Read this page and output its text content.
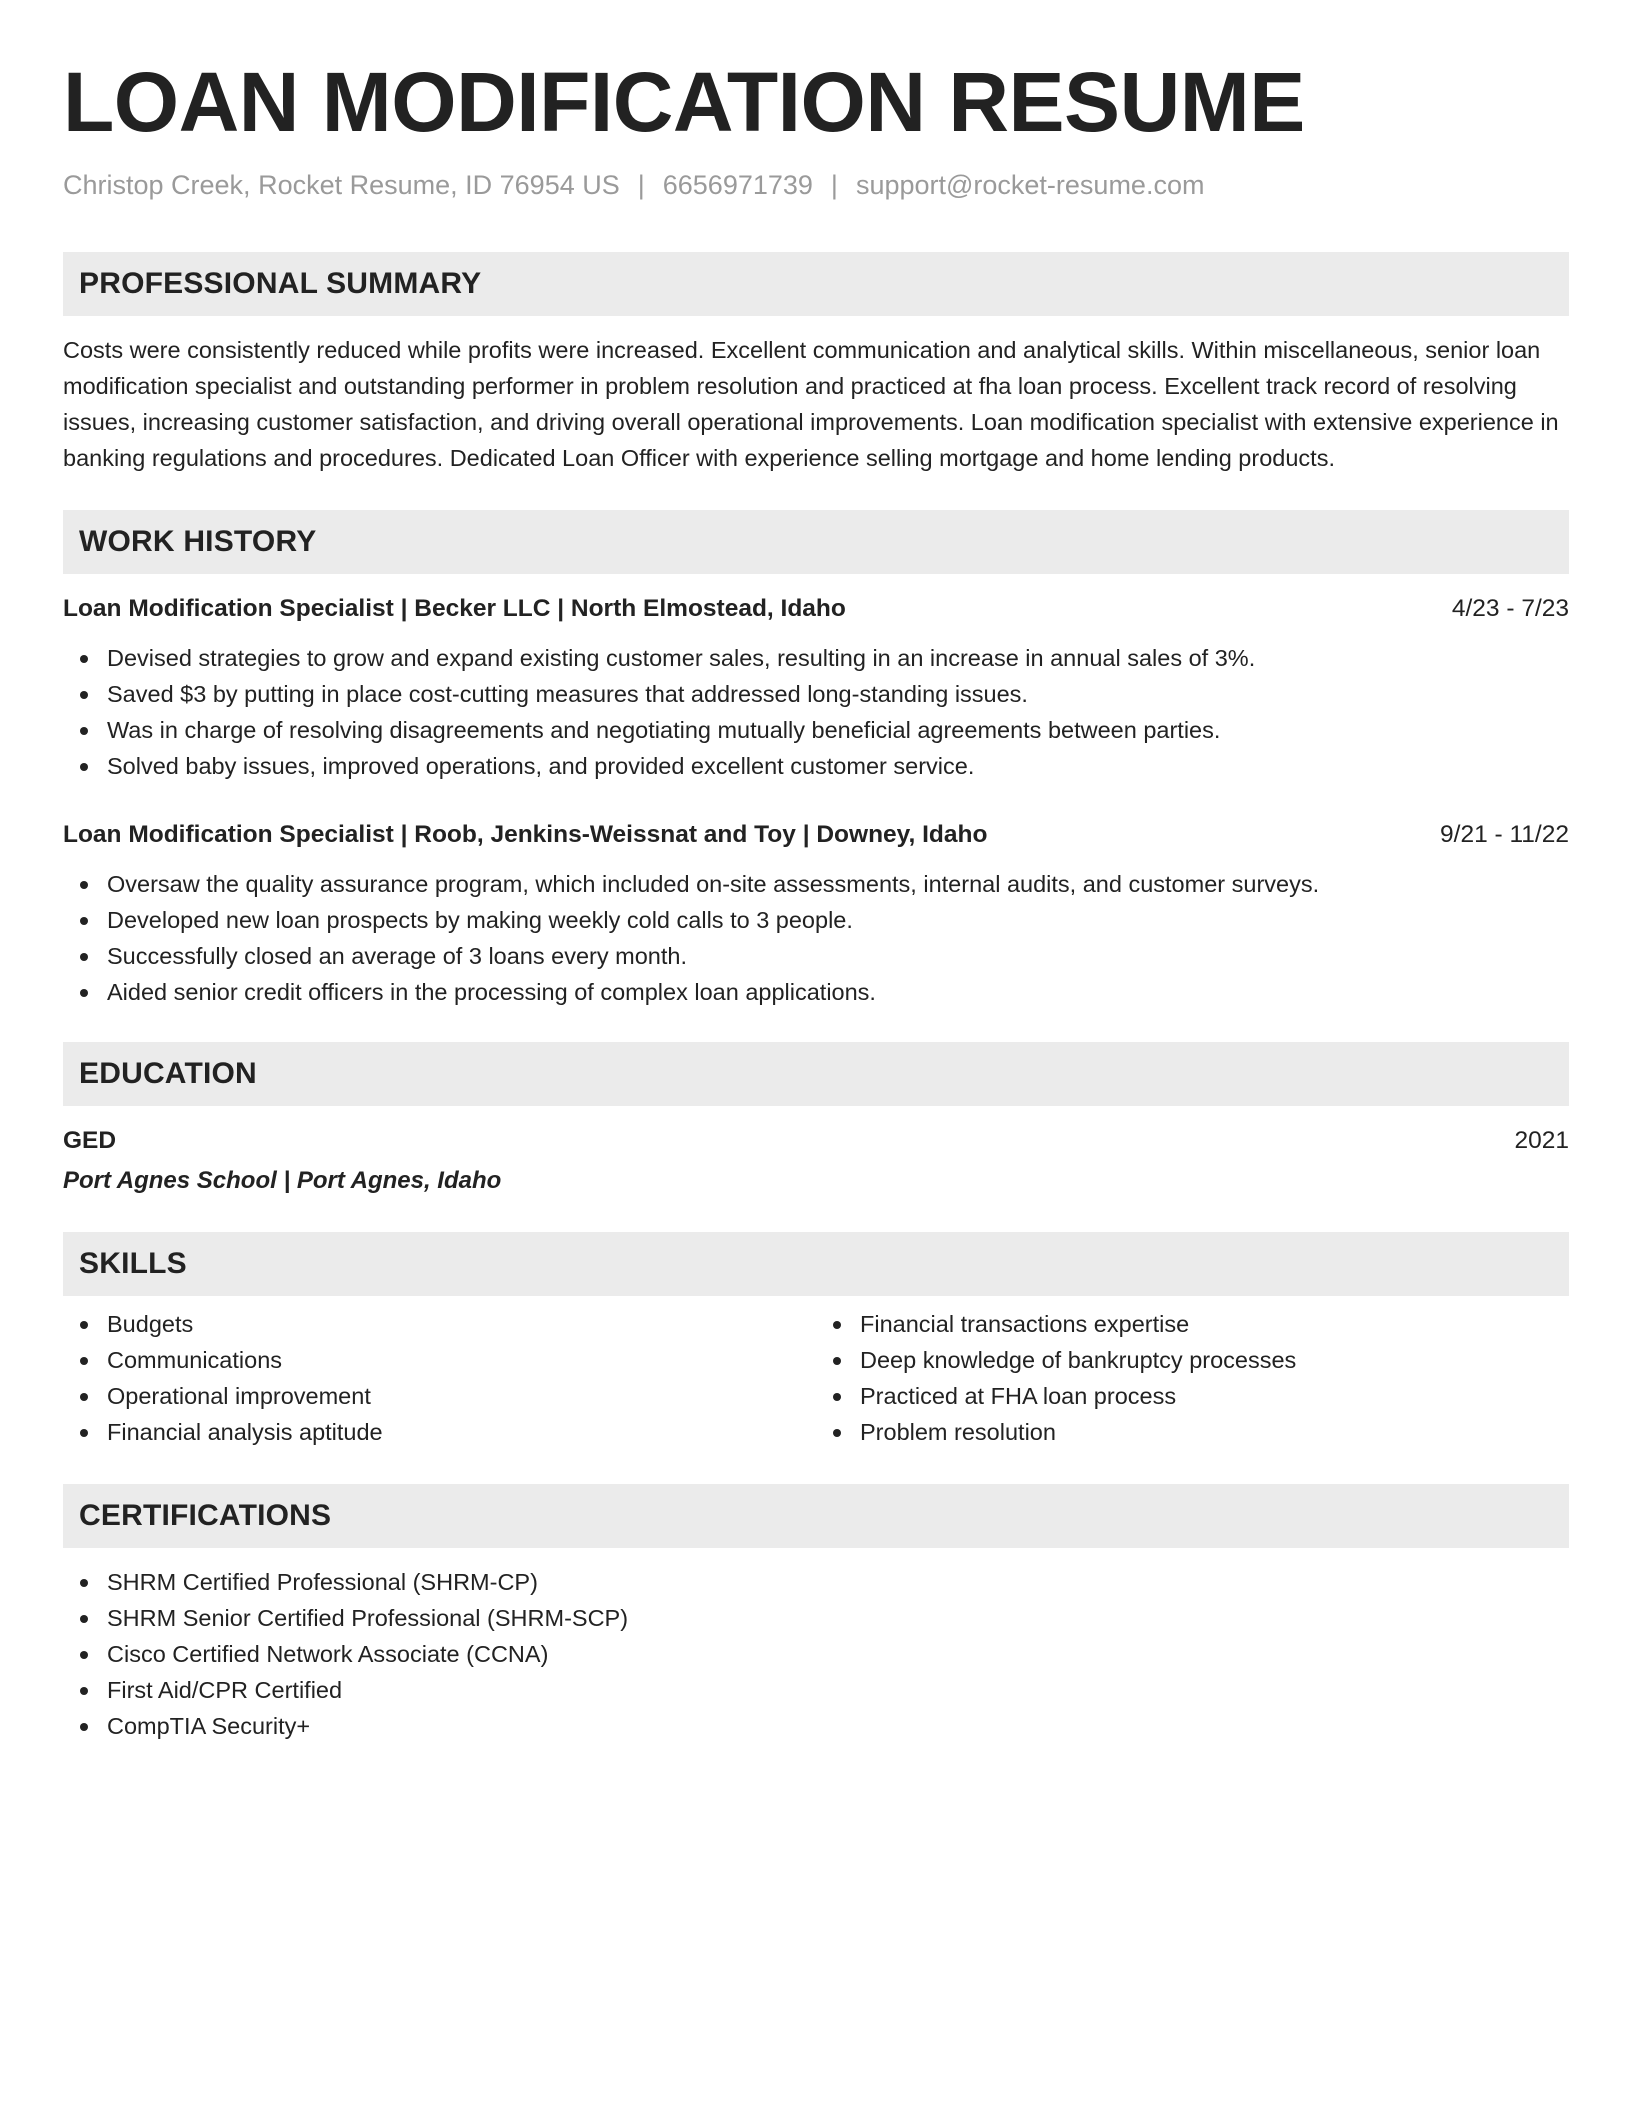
LOAN MODIFICATION RESUME
Christop Creek, Rocket Resume, ID 76954 US | 6656971739 | support@rocket-resume.com
PROFESSIONAL SUMMARY

Costs were consistently reduced while profits were increased. Excellent communication and analytical skills. Within miscellaneous, senior loan modification specialist and outstanding performer in problem resolution and practiced at fha loan process. Excellent track record of resolving issues, increasing customer satisfaction, and driving overall operational improvements. Loan modification specialist with extensive experience in banking regulations and procedures. Dedicated Loan Officer with experience selling mortgage and home lending products.

WORK HISTORY
Loan Modification Specialist | Becker LLC | North Elmostead, Idaho	4/23 - 7/23
Devised strategies to grow and expand existing customer sales, resulting in an increase in annual sales of 3%.
Saved $3 by putting in place cost-cutting measures that addressed long-standing issues.
Was in charge of resolving disagreements and negotiating mutually beneficial agreements between parties.
Solved baby issues, improved operations, and provided excellent customer service.
Loan Modification Specialist | Roob, Jenkins-Weissnat and Toy | Downey, Idaho	9/21 - 11/22
Oversaw the quality assurance program, which included on-site assessments, internal audits, and customer surveys.
Developed new loan prospects by making weekly cold calls to 3 people.
Successfully closed an average of 3 loans every month.
Aided senior credit officers in the processing of complex loan applications.
EDUCATION
GED	2021
Port Agnes School | Port Agnes, Idaho
SKILLS
Budgets
Communications
Operational improvement
Financial analysis aptitude
Financial transactions expertise
Deep knowledge of bankruptcy processes
Practiced at FHA loan process
Problem resolution
CERTIFICATIONS
SHRM Certified Professional (SHRM-CP)
SHRM Senior Certified Professional (SHRM-SCP)
Cisco Certified Network Associate (CCNA)
First Aid/CPR Certified
CompTIA Security+
